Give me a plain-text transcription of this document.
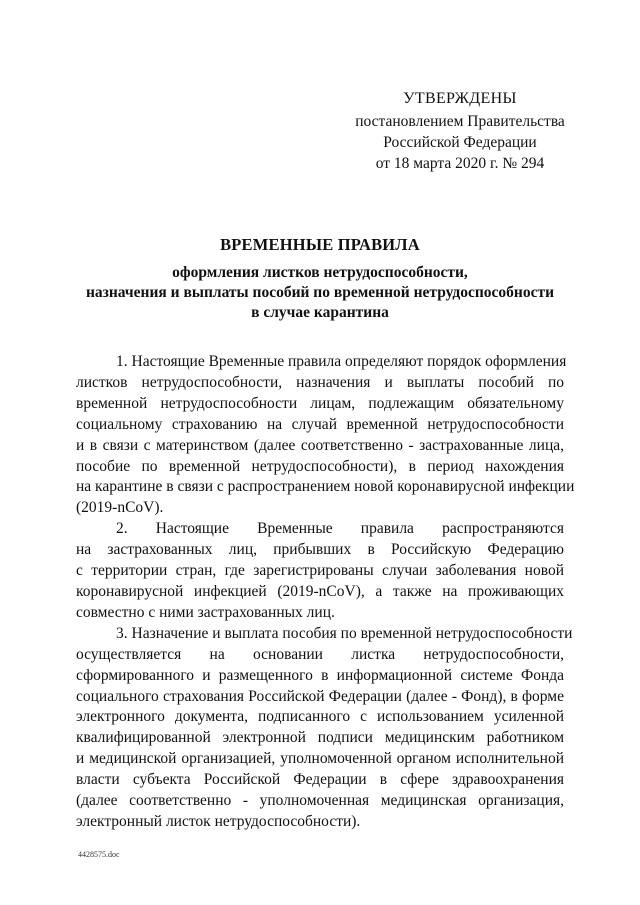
УТВЕРЖДЕНЫ
постановлением Правительства
Российской Федерации
от 18 марта 2020 г. № 294
ВРЕМЕННЫЕ ПРАВИЛА
оформления листков нетрудоспособности,
назначения и выплаты пособий по временной нетрудоспособности
в случае карантина

1. Настоящие Временные правила определяют порядок оформления
листков нетрудоспособности, назначения и выплаты пособий по
временной нетрудоспособности лицам, подлежащим обязательному
социальному страхованию на случай временной нетрудоспособности
и в связи с материнством (далее соответственно - застрахованные лица,
пособие по временной нетрудоспособности), в период нахождения
на карантине в связи с распространением новой коронавирусной инфекции
(2019-nCoV).

2. Настоящие Временные правила распространяются
на застрахованных лиц, прибывших в Российскую Федерацию
с территории стран, где зарегистрированы случаи заболевания новой
коронавирусной инфекцией (2019-nCoV), а также на проживающих
совместно с ними застрахованных лиц.

3. Назначение и выплата пособия по временной нетрудоспособности
осуществляется на основании листка нетрудоспособности,
сформированного и размещенного в информационной системе Фонда
социального страхования Российской Федерации (далее - Фонд), в форме
электронного документа, подписанного с использованием усиленной
квалифицированной электронной подписи медицинским работником
и медицинской организацией, уполномоченной органом исполнительной
власти субъекта Российской Федерации в сфере здравоохранения
(далее соответственно - уполномоченная медицинская организация,
электронный листок нетрудоспособности).

4428575.doc
